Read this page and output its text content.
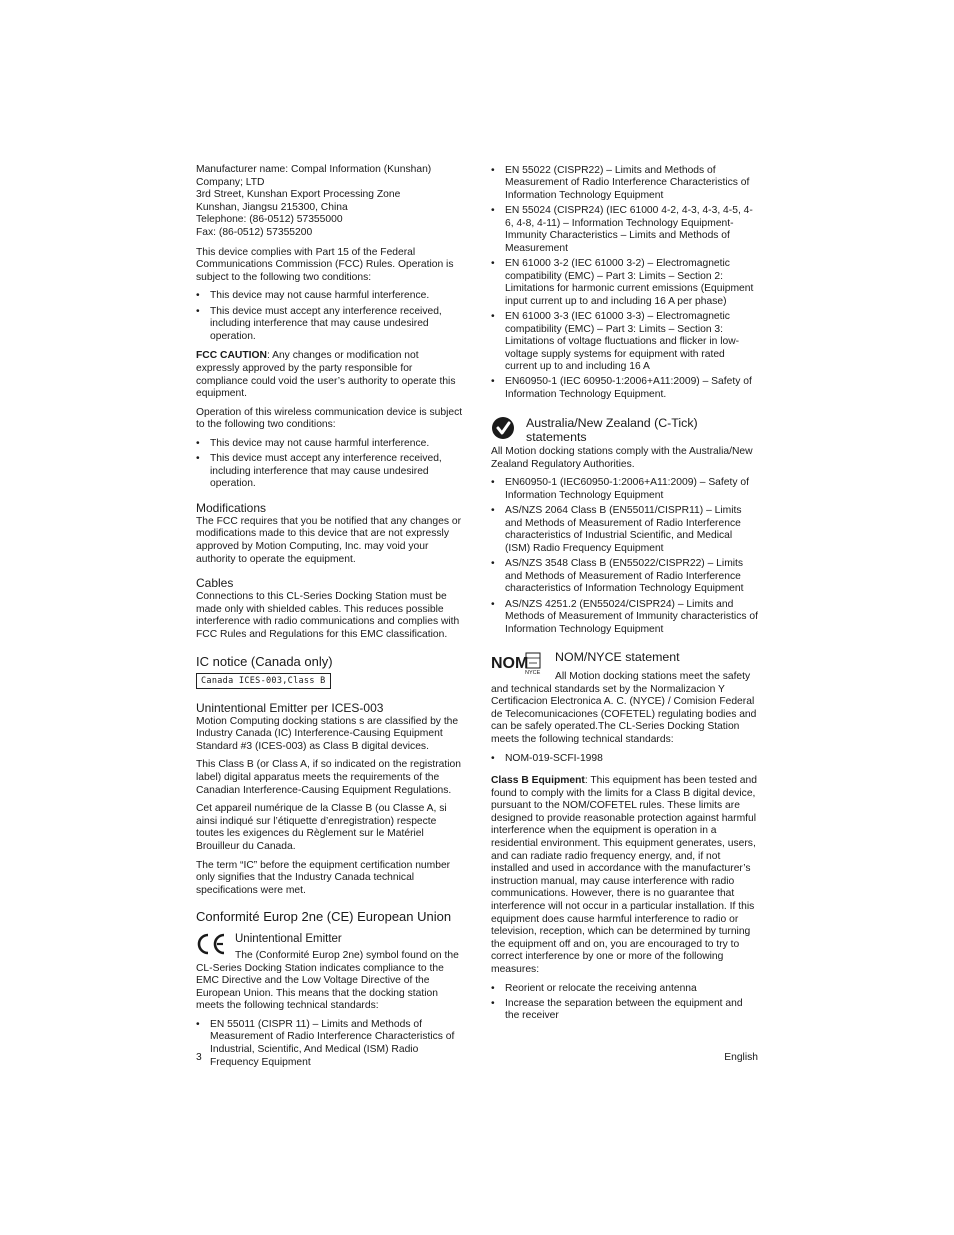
Manufacturer name: Compal Information (Kunshan) Company; LTD

3rd Street, Kunshan Export Processing Zone

Kunshan, Jiangsu 215300, China

Telephone: (86-0512) 57355000

Fax: (86-0512) 57355200

This device complies with Part 15 of the Federal Communications Commission (FCC) Rules. Operation is subject to the following two conditions:

• This device may not cause harmful interference.
• This device must accept any interference received, including interference that may cause undesired operation.

FCC CAUTION: Any changes or modification not expressly approved by the party responsible for compliance could void the user’s authority to operate this equipment.

Operation of this wireless communication device is subject to the following two conditions:

• This device may not cause harmful interference.
• This device must accept any interference received, including interference that may cause undesired operation.
Modifications

The FCC requires that you be notified that any changes or modifications made to this device that are not expressly approved by Motion Computing, Inc. may void your authority to operate the equipment.

Cables

Connections to this CL-Series Docking Station must be made only with shielded cables. This reduces possible interference with radio communications and complies with FCC Rules and Regulations for this EMC classification.

IC notice (Canada only)
Canada ICES-003,Class B
Unintentional Emitter per ICES-003

Motion Computing docking stations s are classified by the Industry Canada (IC) Interference-Causing Equipment Standard #3 (ICES-003) as Class B digital devices.

This Class B (or Class A, if so indicated on the registration label) digital apparatus meets the requirements of the Canadian Interference-Causing Equipment Regulations.

Cet appareil numérique de la Classe B (ou Classe A, si ainsi indiqué sur l’étiquette d’enregistration) respecte toutes les exigences du Règlement sur le Matériel Brouilleur du Canada.

The term “IC” before the equipment certification number only signifies that the Industry Canada technical specifications were met.

Conformité Europ 2ne (CE) European Union
Unintentional Emitter

The (Conformité Europ 2ne) symbol found on the CL-Series Docking Station indicates compliance to the EMC Directive and the Low Voltage Directive of the European Union. This means that the docking station meets the following technical standards:

• EN 55011 (CISPR 11) – Limits and Methods of Measurement of Radio Interference Characteristics of Industrial, Scientific, And Medical (ISM) Radio Frequency Equipment
• EN 55022 (CISPR22) – Limits and Methods of Measurement of Radio Interference Characteristics of Information Technology Equipment
• EN 55024 (CISPR24) (IEC 61000 4-2, 4-3, 4-3, 4-5, 4-6, 4-8, 4-11) – Information Technology Equipment-Immunity Characteristics – Limits and Methods of Measurement
• EN 61000 3-2 (IEC 61000 3-2) – Electromagnetic compatibility (EMC) – Part 3: Limits – Section 2: Limitations for harmonic current emissions (Equipment input current up to and including 16 A per phase)
• EN 61000 3-3 (IEC 61000 3-3) – Electromagnetic compatibility (EMC) – Part 3: Limits – Section 3: Limitations of voltage fluctuations and flicker in low-voltage supply systems for equipment with rated current up to and including 16 A
• EN60950-1 (IEC 60950-1:2006+A11:2009) – Safety of Information Technology Equipment.
Australia/New Zealand (C-Tick) statements

All Motion docking stations comply with the Australia/New Zealand Regulatory Authorities.

• EN60950-1 (IEC60950-1:2006+A11:2009) – Safety of Information Technology Equipment
• AS/NZS 2064 Class B (EN55011/CISPR11) – Limits and Methods of Measurement of Radio Interference characteristics of Industrial Scientific, and Medical (ISM) Radio Frequency Equipment
• AS/NZS 3548 Class B (EN55022/CISPR22) – Limits and Methods of Measurement of Radio Interference characteristics of Information Technology Equipment
• AS/NZS 4251.2 (EN55024/CISPR24) – Limits and Methods of Measurement of Immunity characteristics of Information Technology Equipment
NOM
NYCE
NOM/NYCE statement

All Motion docking stations meet the safety and technical standards set by the Normalizacion Y Certificacion Electronica A. C. (NYCE) / Comision Federal de Telecomunicaciones (COFETEL) regulating bodies and can be safely operated.The CL-Series Docking Station meets the following technical standards:

• NOM-019-SCFI-1998

Class B Equipment: This equipment has been tested and found to comply with the limits for a Class B digital device, pursuant to the NOM/COFETEL rules. These limits are designed to provide reasonable protection against harmful interference when the equipment is operation in a residential environment. This equipment generates, users, and can radiate radio frequency energy, and, if not installed and used in accordance with the manufacturer’s instruction manual, may cause interference with radio communications. However, there is no guarantee that interference will not occur in a particular installation. If this equipment does cause harmful interference to radio or television, reception, which can be determined by turning the equipment off and on, you are encouraged to try to correct interference by one or more of the following measures:

• Reorient or relocate the receiving antenna
• Increase the separation between the equipment and the receiver
3	English
